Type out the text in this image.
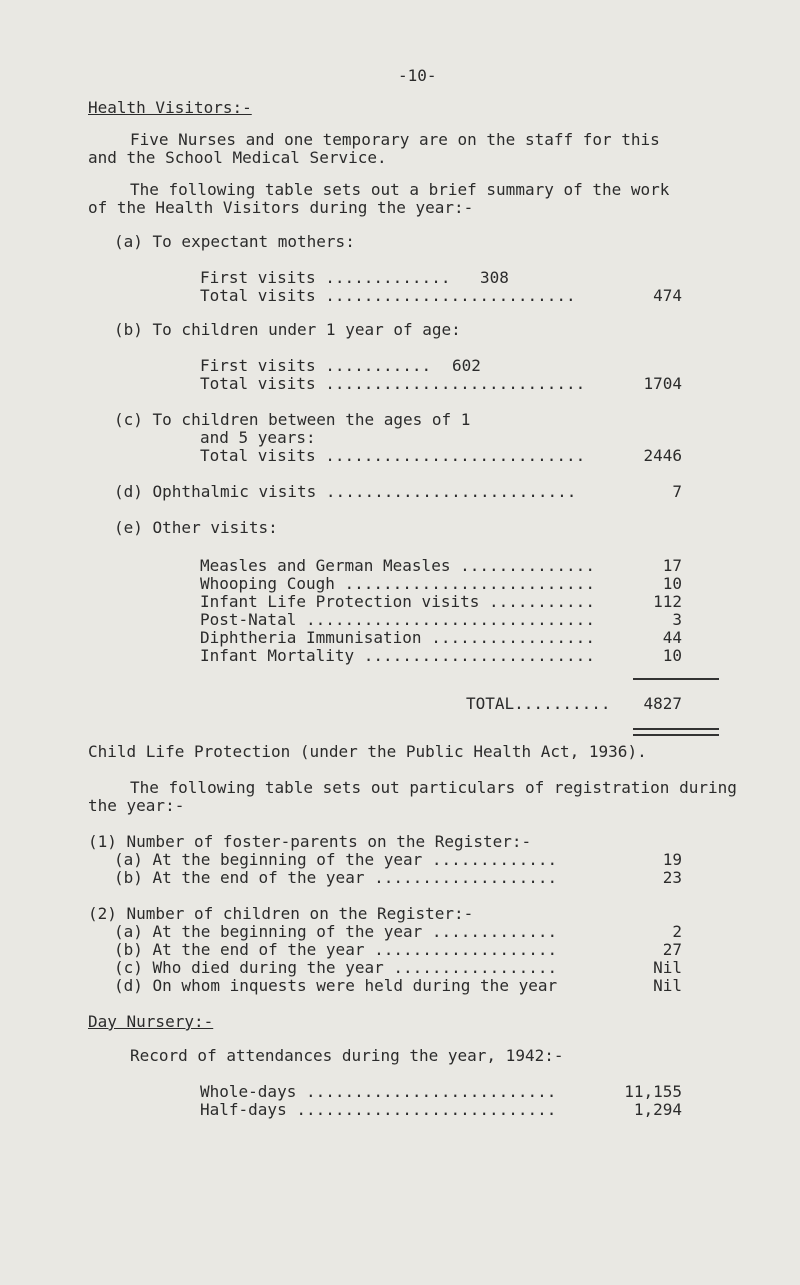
-10-
Health Visitors:-
Five Nurses and one temporary are on the staff for this
and the School Medical Service.
The following table sets out a brief summary of the work
of the Health Visitors during the year:-
(a) To expectant mothers:
First visits ............. 308
Total visits ..........................	474
(b) To children under 1 year of age:
First visits ........... 602
Total visits ...........................	1704
(c) To children between the ages of 1
and 5 years:
Total visits ...........................	2446
(d) Ophthalmic visits ..........................	7
(e) Other visits:
Measles and German Measles ..............	17
Whooping Cough ..........................	10
Infant Life Protection visits ...........	112
Post-Natal ..............................	3
Diphtheria Immunisation .................	44
Infant Mortality ........................	10
TOTAL..........	4827
Child Life Protection (under the Public Health Act, 1936).
The following table sets out particulars of registration during
the year:-
(1) Number of foster-parents on the Register:-
(a) At the beginning of the year .............	19
(b) At the end of the year ...................	23
(2) Number of children on the Register:-
(a) At the beginning of the year .............	2
(b) At the end of the year ...................	27
(c) Who died during the year .................	Nil
(d) On whom inquests were held during the year	Nil
Day Nursery:-
Record of attendances during the year, 1942:-
Whole-days ..........................	11,155
Half-days ...........................	1,294
